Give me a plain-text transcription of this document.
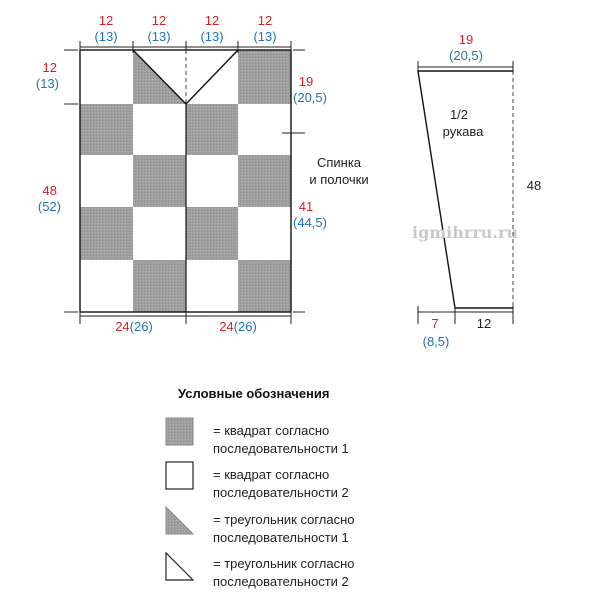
12
(13)
12
(13)
12
(13)
12
(13)
12
(13)
48
(52)
19
(20,5)
41
(44,5)
Спинка
и полочки
24(26)	24(26)
19
(20,5)
1/2
рукава
48
7
(8,5)
12
igmihrru.ru
Условные обозначения
= квадрат согласно
последовательности 1
= квадрат согласно
последовательности 2
= треугольник согласно
последовательности 1
= треугольник согласно
последовательности 2
